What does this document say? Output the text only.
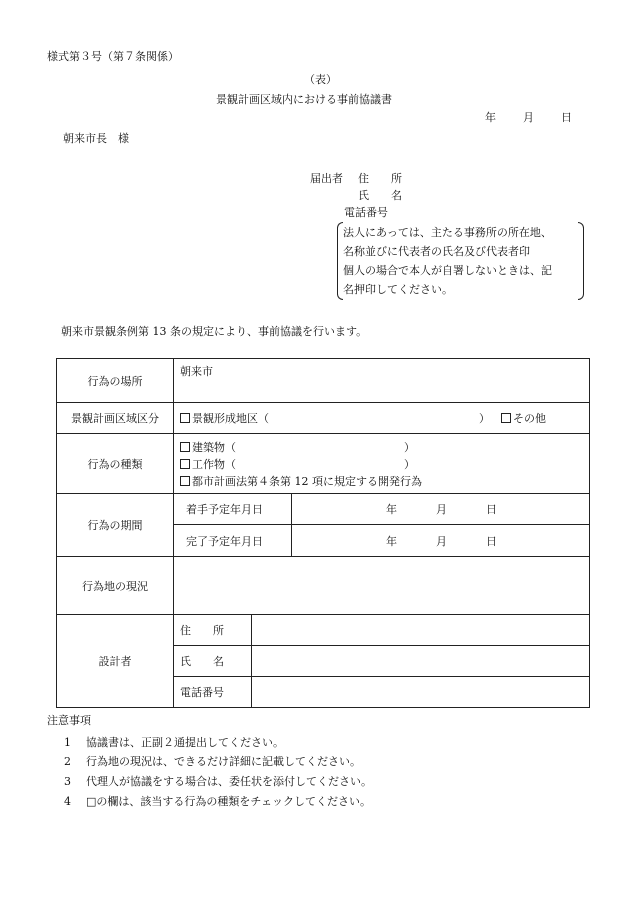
様式第３号（第７条関係）
（表）
景観計画区域内における事前協議書
年 月 日
朝来市長　様
届出者 住　　所
氏　　名
電話番号
法人にあっては、主たる事務所の所在地、
名称並びに代表者の氏名及び代表者印
個人の場合で本人が自署しないときは、記
名押印してください。
朝来市景観条例第 13 条の規定により、事前協議を行います。
行為の場所	朝来市	
景観計画区域区分	景観形成地区（ ） その他	

行為の種類	建築物（ ）
工作物（ ）
都市計画法第４条第 12 項に規定する開発行為	

行為の期間	着手予定年月日 年 月 日	

	完了予定年月日 年 月 日	

行為地の現況		
設計者	住　　所	
	氏　　名	
	電話番号	
注意事項
1 協議書は、正副２通提出してください。
2 行為地の現況は、できるだけ詳細に記載してください。
3 代理人が協議をする場合は、委任状を添付してください。
4 □の欄は、該当する行為の種類をチェックしてください。
